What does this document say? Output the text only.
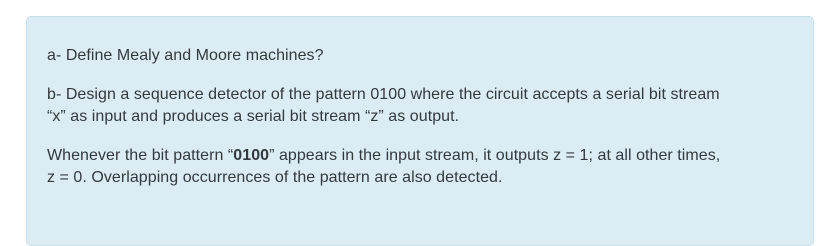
a- Define Mealy and Moore machines?

b- Design a sequence detector of the pattern 0100 where the circuit accepts a serial bit stream
“x” as input and produces a serial bit stream “z” as output.

Whenever the bit pattern “0100” appears in the input stream, it outputs z = 1; at all other times,
z = 0. Overlapping occurrences of the pattern are also detected.
